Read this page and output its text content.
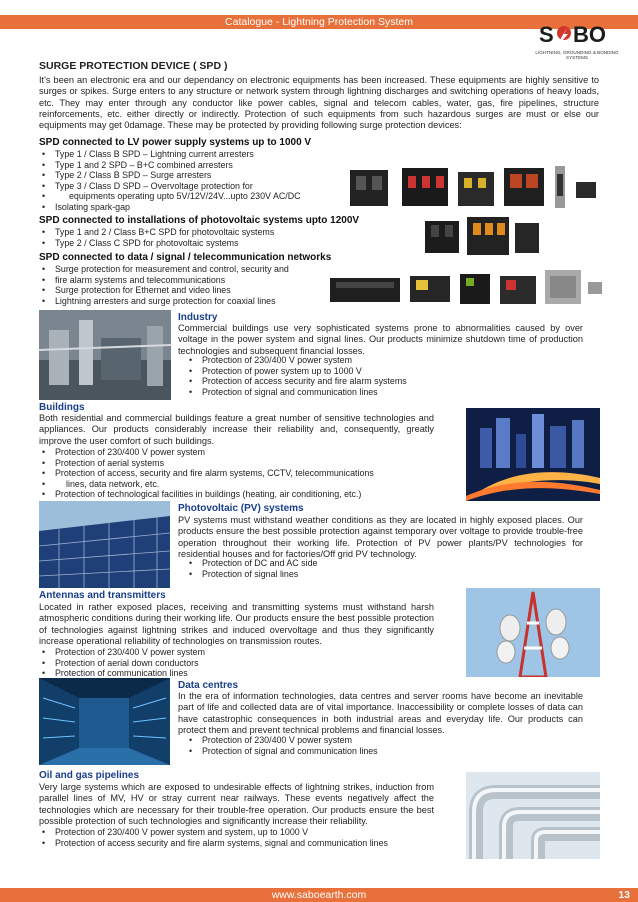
Catalogue - Lightning Protection System	S BO
LIGHTNING, GROUNDING & BONDING SYSTEMS
SURGE PROTECTION DEVICE ( SPD )
It's been an electronic era and our dependancy on electronic equipments has been increased. These equipments are highly sensitive to surges or spikes. Surge enters to any structure or network system through lightning discharges and switching operations of heavy loads, etc. They may enter through any conductor like power cables, signal and telecom cables, water, gas, fire pipelines, structure reinforcements, etc. either directly or indirectly. Protection of such equipments from such hazardous surges are must or else our equipments may get 0damage. These may be protected by providing following surge protection devices:
SPD connected to LV power supply systems up to 1000 V
• Type 1 / Class B SPD – Lightning current arresters
• Type 1 and 2 SPD – B+C combined arresters
• Type 2 / Class B SPD – Surge arresters
• Type 3 / Class D SPD – Overvoltage protection for
• equipments operating upto 5V/12V/24V...upto 230V AC/DC
• Isolating spark-gap
SPD connected to installations of photovoltaic systems upto 1200V
• Type 1 and 2 / Class B+C SPD for photovoltaic systems
• Type 2 / Class C SPD for photovoltaic systems
SPD connected to data / signal / telecommunication networks
• Surge protection for measurement and control, security and
• fire alarm systems and telecommunications
• Surge protection for Ethernet and video lines
• Lightning arresters and surge protection for coaxial lines
Industry
Commercial buildings use very sophisticated systems prone to abnormalities caused by over voltage in the power system and signal lines. Our products minimize shutdown time of production technologies and subsequent financial losses.
• Protection of 230/400 V power system
• Protection of power system up to 1000 V
• Protection of access security and fire alarm systems
• Protection of signal and communication lines
Buildings
Both residential and commercial buildings feature a great number of sensitive technologies and appliances. Our products considerably increase their reliability and, consequently, greatly improve the user comfort of such buildings.
• Protection of 230/400 V power system
• Protection of aerial systems
• Protection of access, security and fire alarm systems, CCTV, telecommunications
• lines, data network, etc.
• Protection of technological facilities in buildings (heating, air conditioning, etc.)
Photovoltaic (PV) systems
PV systems must withstand weather conditions as they are located in highly exposed places. Our products ensure the best possible protection against temporary over voltage to provide trouble-free operation throughout their working life. Protection of PV power plants/PV technologies for residential houses and for factories/Off grid PV technology.
• Protection of DC and AC side
• Protection of signal lines
Antennas and transmitters
Located in rather exposed places, receiving and transmitting systems must withstand harsh atmospheric conditions during their working life. Our products ensure the best possible protection of technologies against lightning strikes and induced overvoltage and thus they significantly increase operational reliability of technologies on transmission routes.
• Protection of 230/400 V power system
• Protection of aerial down conductors
• Protection of communication lines
Data centres
In the era of information technologies, data centres and server rooms have become an inevitable part of life and collected data are of vital importance. Inaccessibility or complete losses of data can have catastrophic consequences in both industrial areas and everyday life. Our products can protect them and prevent technical problems and financial losses.
• Protection of 230/400 V power system
• Protection of signal and communication lines
:
Oil and gas pipelines
Very large systems which are exposed to undesirable effects of lightning strikes, induction from parallel lines of MV, HV or stray current near railways. These events negatively affect the technologies which are necessary for their trouble-free operation. Our products ensure the best possible protection of such technologies and significantly increase their reliability.
• Protection of 230/400 V power system and system, up to 1000 V
• Protection of access security and fire alarm systems, signal and communication lines
www.saboearth.com	13
